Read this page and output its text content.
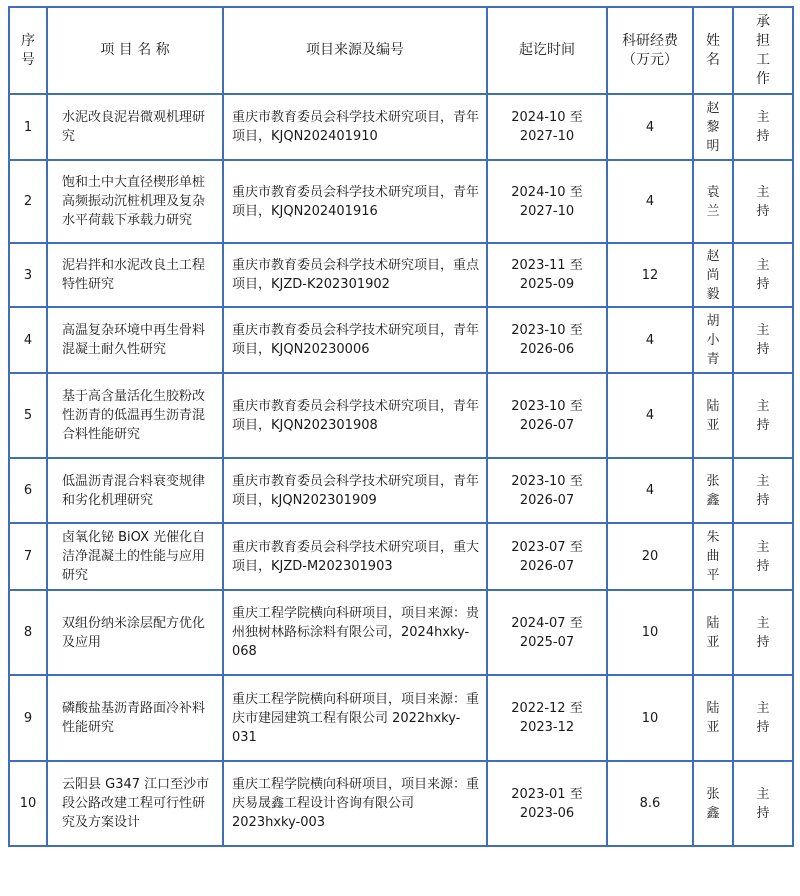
序号	项 目 名 称	项目来源及编号	起讫时间	科研经费（万元）	姓名	承担工作
1	水泥改良泥岩微观机理研究	重庆市教育委员会科学技术研究项目，青年项目，KJQN202401910	2024-10 至 2027-10	4	赵黎明	主持
2	饱和土中大直径楔形单桩高频振动沉桩机理及复杂水平荷载下承载力研究	重庆市教育委员会科学技术研究项目，青年项目，KJQN202401916	2024-10 至 2027-10	4	袁兰	主持
3	泥岩拌和水泥改良土工程特性研究	重庆市教育委员会科学技术研究项目，重点项目，KJZD-K202301902	2023-11 至 2025-09	12	赵尚毅	主持
4	高温复杂环境中再生骨料混凝土耐久性研究	重庆市教育委员会科学技术研究项目，青年项目，KJQN20230006	2023-10 至 2026-06	4	胡小青	主持
5	基于高含量活化生胶粉改性沥青的低温再生沥青混合料性能研究	重庆市教育委员会科学技术研究项目，青年项目，KJQN202301908	2023-10 至 2026-07	4	陆亚	主持
6	低温沥青混合料衰变规律和劣化机理研究	重庆市教育委员会科学技术研究项目，青年项目，kJQN202301909	2023-10 至 2026-07	4	张鑫	主持
7	卤氧化铋 BiOX 光催化自洁净混凝土的性能与应用研究	重庆市教育委员会科学技术研究项目，重大项目，KJZD-M202301903	2023-07 至 2026-07	20	朱曲平	主持
8	双组份纳米涂层配方优化及应用	重庆工程学院横向科研项目，项目来源：贵州独树林路标涂料有限公司，2024hxky-068	2024-07 至 2025-07	10	陆亚	主持
9	磷酸盐基沥青路面冷补料性能研究	重庆工程学院横向科研项目，项目来源：重庆市建园建筑工程有限公司 2022hxky-031	2022-12 至 2023-12	10	陆亚	主持
10	云阳县 G347 江口至沙市段公路改建工程可行性研究及方案设计	重庆工程学院横向科研项目，项目来源：重庆易晟鑫工程设计咨询有限公司 2023hxky-003	2023-01 至 2023-06	8.6	张鑫	主持
